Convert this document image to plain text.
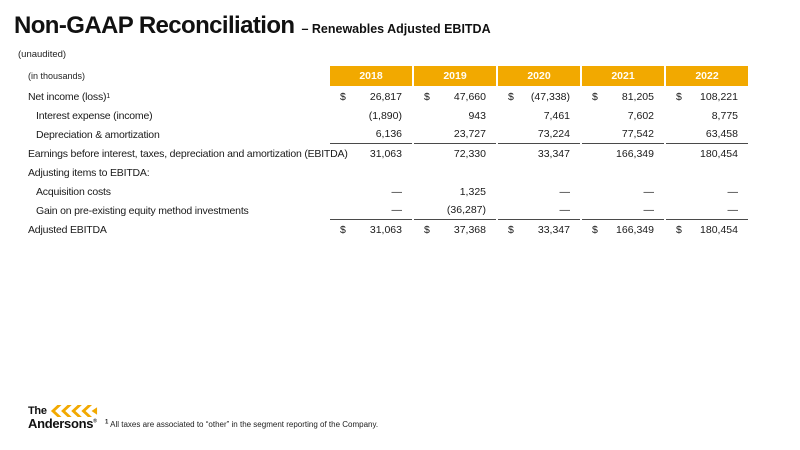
Non-GAAP Reconciliation – Renewables Adjusted EBITDA
(unaudited)
(in thousands)	2018	2019	2020	2021	2022
Net income (loss) 1	$ 26,817 $ 47,660 $ (47,338) $ 81,205 $ 108,221
Interest expense (income)	(1,890)	943	7,461	7,602	8,775
Depreciation & amortization	6,136	23,727	73,224	77,542	63,458
Earnings before interest, taxes, depreciation and amortization (EBITDA) 31,063	72,330	33,347	166,349	180,454
Adjusting items to EBITDA:
Acquisition costs	—	1,325	—	—	—
Gain on pre-existing equity method investments	—	(36,287)	—	—	—
Adjusted EBITDA	$ 31,063 $ 37,368 $ 33,347 $ 166,349 $ 180,454
The
Andersons®	$^1$ All taxes are associated to “other” in the segment reporting of the Company.
